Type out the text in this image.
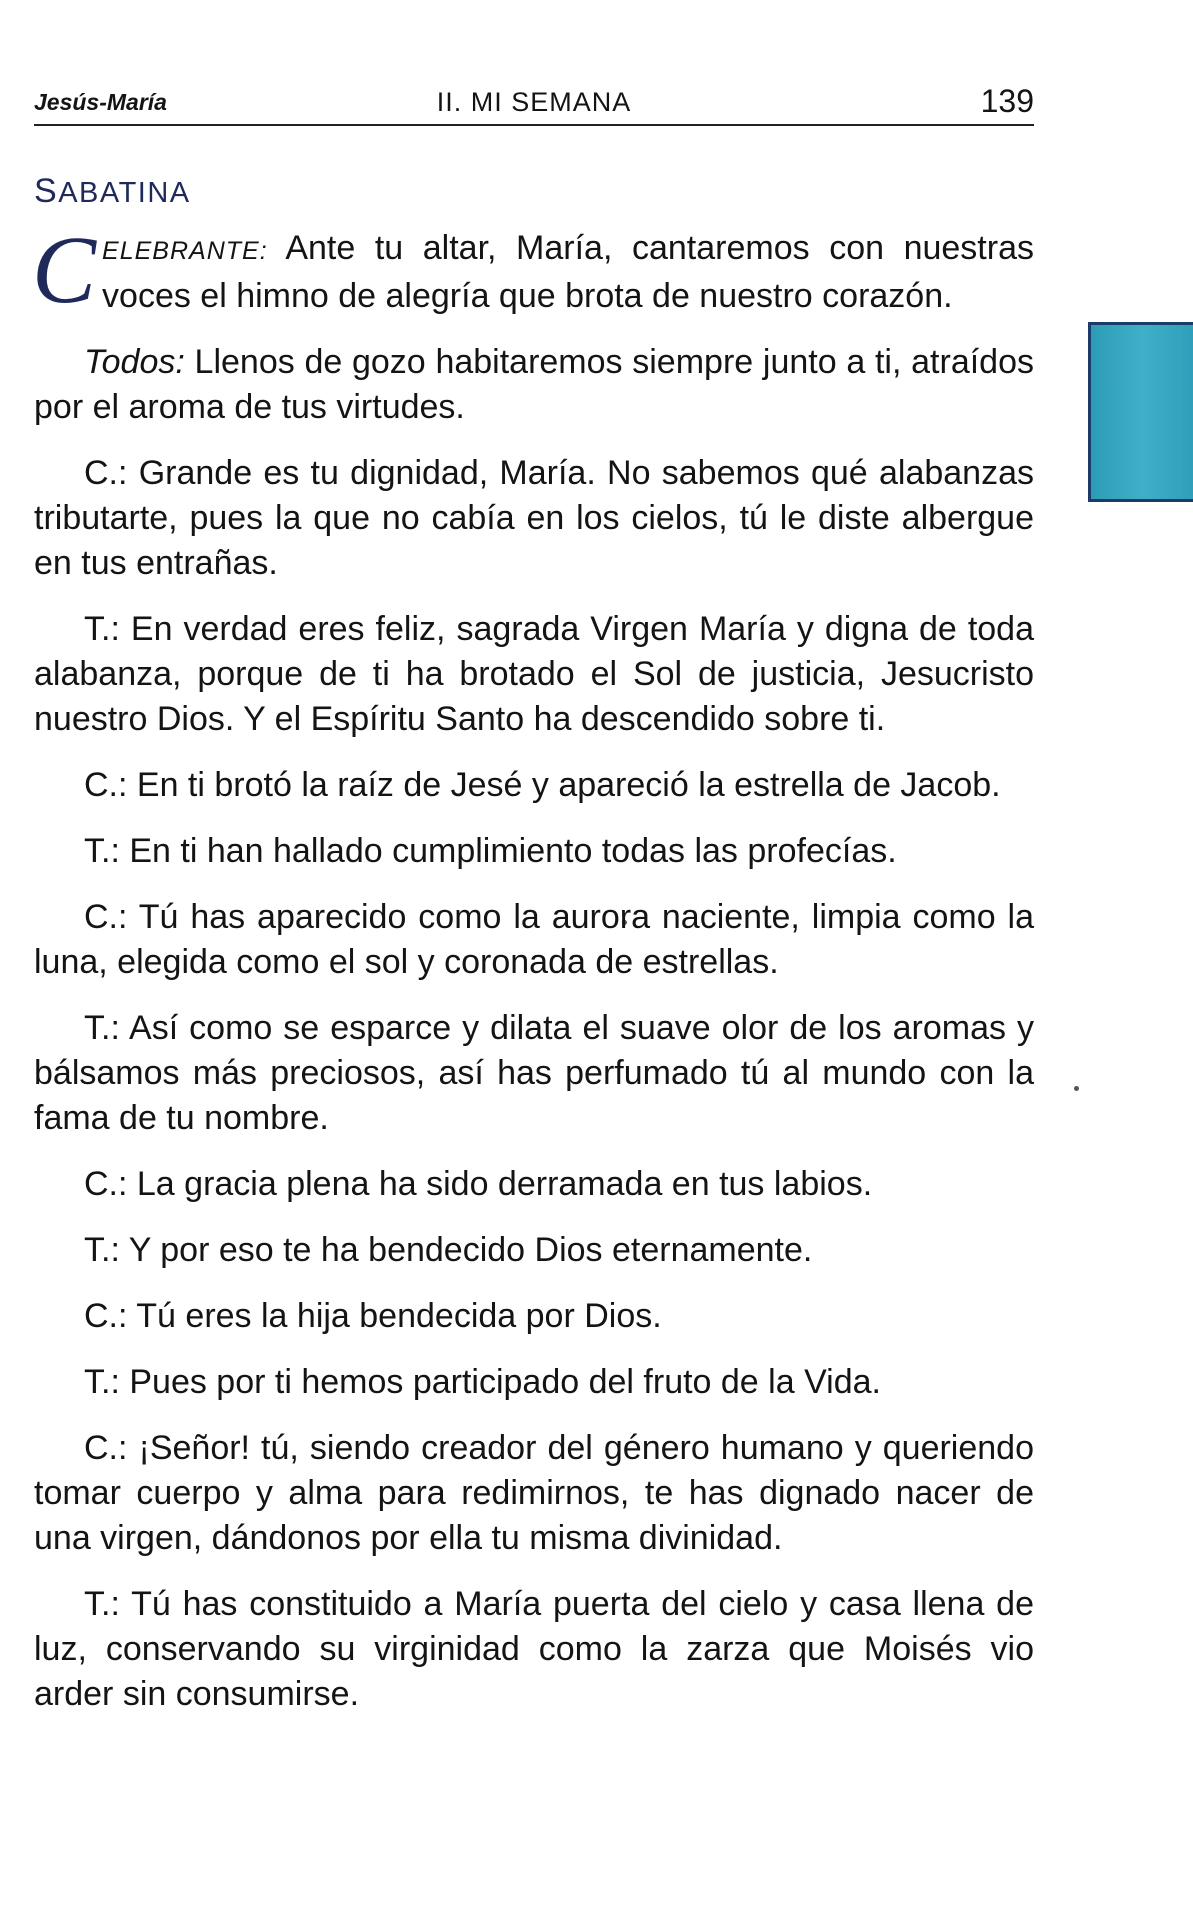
Jesús-María	II. MI SEMANA	139
SABATINA

CELEBRANTE: Ante tu altar, María, cantaremos con nuestras voces el himno de alegría que brota de nuestro corazón.

Todos: Llenos de gozo habitaremos siempre junto a ti, atraídos por el aroma de tus virtudes.

C.: Grande es tu dignidad, María. No sabemos qué alabanzas tributarte, pues la que no cabía en los cielos, tú le diste albergue en tus entrañas.

T.: En verdad eres feliz, sagrada Virgen María y digna de toda alabanza, porque de ti ha brotado el Sol de justicia, Jesucristo nuestro Dios. Y el Espíritu Santo ha descendido sobre ti.

C.: En ti brotó la raíz de Jesé y apareció la estrella de Jacob.

T.: En ti han hallado cumplimiento todas las profecías.

C.: Tú has aparecido como la aurora naciente, limpia como la luna, elegida como el sol y coronada de estrellas.

T.: Así como se esparce y dilata el suave olor de los aromas y bálsamos más preciosos, así has perfumado tú al mundo con la fama de tu nombre.

C.: La gracia plena ha sido derramada en tus labios.

T.: Y por eso te ha bendecido Dios eternamente.

C.: Tú eres la hija bendecida por Dios.

T.: Pues por ti hemos participado del fruto de la Vida.

C.: ¡Señor! tú, siendo creador del género humano y queriendo tomar cuerpo y alma para redimirnos, te has dignado nacer de una virgen, dándonos por ella tu misma divinidad.

T.: Tú has constituido a María puerta del cielo y casa llena de luz, conservando su virginidad como la zarza que Moisés vio arder sin consumirse.
